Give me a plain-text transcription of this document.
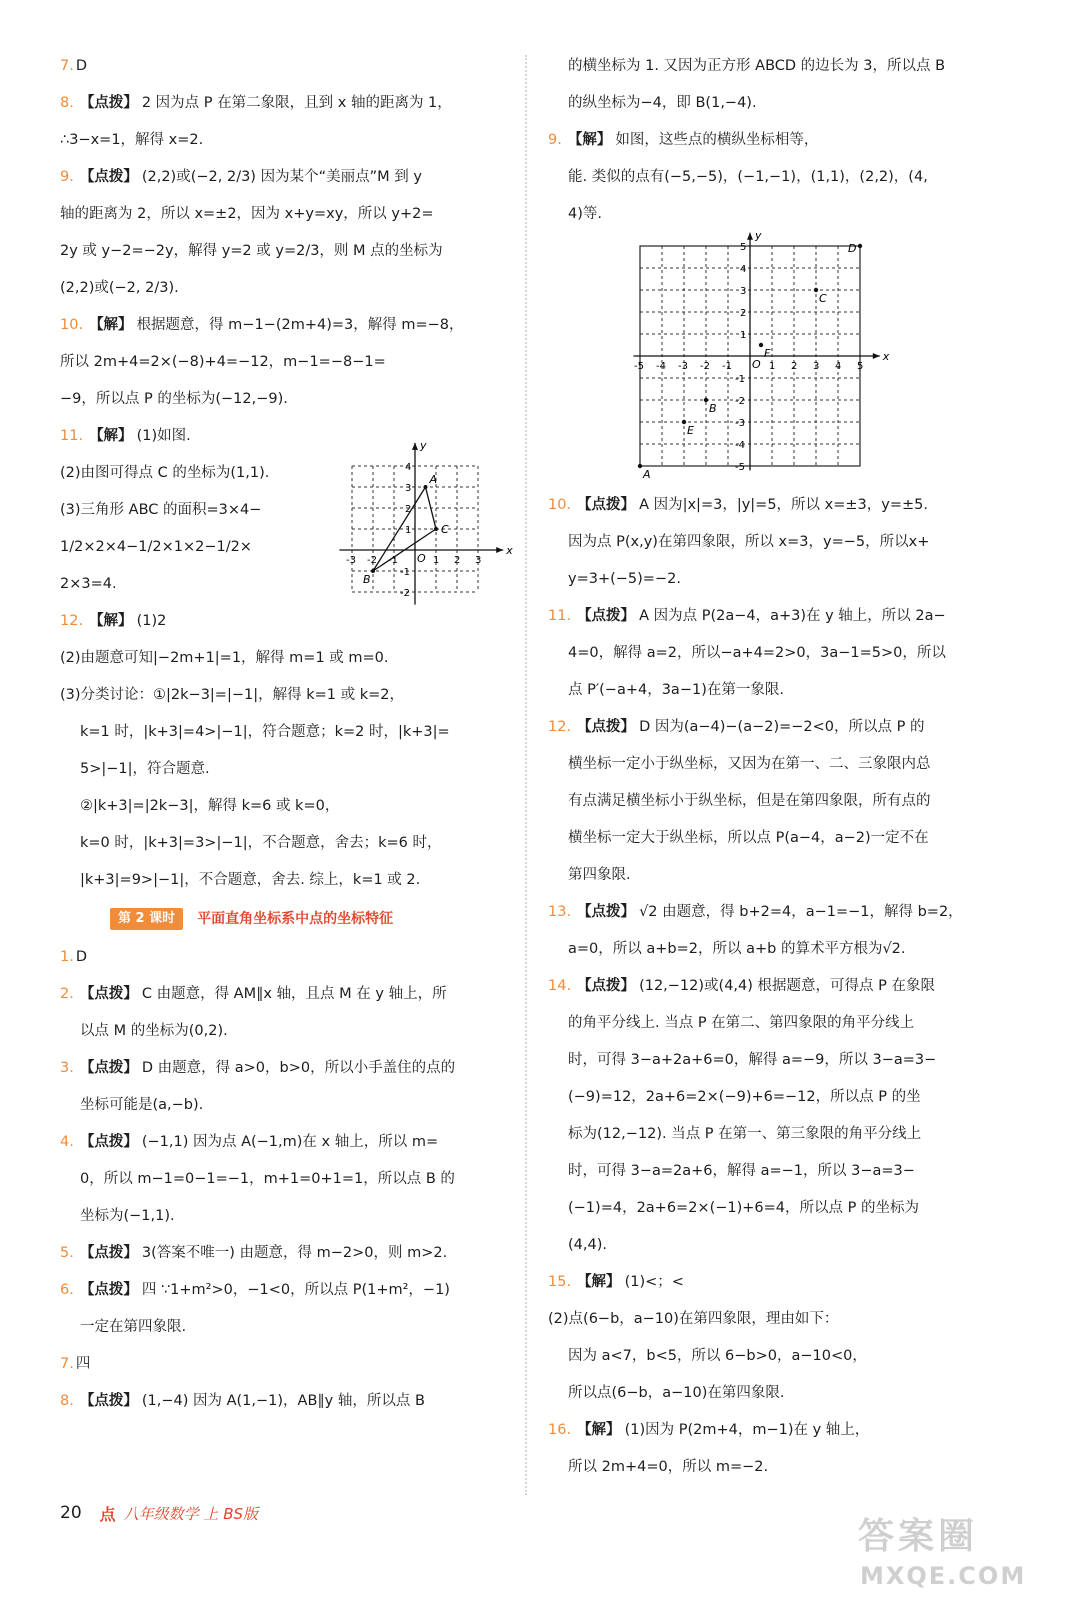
7. D
8. 【点拨】 2 因为点 P 在第二象限，且到 x 轴的距离为 1，
∴3−x=1，解得 x=2.
9. 【点拨】 (2,2)或(−2, 2/3) 因为某个“美丽点”M 到 y
轴的距离为 2，所以 x=±2，因为 x+y=xy，所以 y+2=
2y 或 y−2=−2y，解得 y=2 或 y=2/3，则 M 点的坐标为
(2,2)或(−2, 2/3).
10. 【解】 根据题意，得 m−1−(2m+4)=3，解得 m=−8，
所以 2m+4=2×(−8)+4=−12，m−1=−8−1=
−9，所以点 P 的坐标为(−12,−9).
11. 【解】 (1)如图.
(2)由图可得点 C 的坐标为(1,1).
(3)三角形 ABC 的面积=3×4−
1/2×2×4−1/2×1×2−1/2×
2×3=4.
x
y
O
-3 -2 -1	1 2 3
4
3
2
1
-1
-2
A
B
C
12. 【解】 (1)2
(2)由题意可知|−2m+1|=1，解得 m=1 或 m=0.
(3)分类讨论：①|2k−3|=|−1|，解得 k=1 或 k=2，
k=1 时，|k+3|=4>|−1|，符合题意；k=2 时，|k+3|=
5>|−1|，符合题意.
②|k+3|=|2k−3|，解得 k=6 或 k=0，
k=0 时，|k+3|=3>|−1|，不合题意，舍去；k=6 时，
|k+3|=9>|−1|，不合题意，舍去. 综上，k=1 或 2.
第 2 课时	平面直角坐标系中点的坐标特征
1. D
2. 【点拨】 C 由题意，得 AM∥x 轴，且点 M 在 y 轴上，所
以点 M 的坐标为(0,2).
3. 【点拨】 D 由题意，得 a>0，b>0，所以小手盖住的点的
坐标可能是(a,−b).
4. 【点拨】 (−1,1) 因为点 A(−1,m)在 x 轴上，所以 m=
0，所以 m−1=0−1=−1，m+1=0+1=1，所以点 B 的
坐标为(−1,1).
5. 【点拨】 3(答案不唯一) 由题意，得 m−2>0，则 m>2.
6. 【点拨】 四 ∵1+m²>0，−1<0，所以点 P(1+m²，−1)
一定在第四象限.
7. 四
8. 【点拨】 (1,−4) 因为 A(1,−1)，AB∥y 轴，所以点 B
的横坐标为 1. 又因为正方形 ABCD 的边长为 3，所以点 B
的纵坐标为−4，即 B(1,−4).
9. 【解】 如图，这些点的横纵坐标相等，
能. 类似的点有(−5,−5)，(−1,−1)，(1,1)，(2,2)，(4,
4)等.
x
y
O
-5 -4 -3 -2 -1	1 2 3 4 5
5
4
3
2
1
-1
-2
-3
-4
-5
A
E
B
F
C
D
10. 【点拨】 A 因为|x|=3，|y|=5，所以 x=±3，y=±5.
因为点 P(x,y)在第四象限，所以 x=3，y=−5，所以x+
y=3+(−5)=−2.
11. 【点拨】 A 因为点 P(2a−4，a+3)在 y 轴上，所以 2a−
4=0，解得 a=2，所以−a+4=2>0，3a−1=5>0，所以
点 P′(−a+4，3a−1)在第一象限.
12. 【点拨】 D 因为(a−4)−(a−2)=−2<0，所以点 P 的
横坐标一定小于纵坐标，又因为在第一、二、三象限内总
有点满足横坐标小于纵坐标，但是在第四象限，所有点的
横坐标一定大于纵坐标，所以点 P(a−4，a−2)一定不在
第四象限.
13. 【点拨】 √2 由题意，得 b+2=4，a−1=−1，解得 b=2，
a=0，所以 a+b=2，所以 a+b 的算术平方根为√2.
14. 【点拨】 (12,−12)或(4,4) 根据题意，可得点 P 在象限
的角平分线上. 当点 P 在第二、第四象限的角平分线上
时，可得 3−a+2a+6=0，解得 a=−9，所以 3−a=3−
(−9)=12，2a+6=2×(−9)+6=−12，所以点 P 的坐
标为(12,−12). 当点 P 在第一、第三象限的角平分线上
时，可得 3−a=2a+6，解得 a=−1，所以 3−a=3−
(−1)=4，2a+6=2×(−1)+6=4，所以点 P 的坐标为
(4,4).
15. 【解】 (1)<；<
(2)点(6−b，a−10)在第四象限，理由如下：
因为 a<7，b<5，所以 6−b>0，a−10<0，
所以点(6−b，a−10)在第四象限.
16. 【解】 (1)因为 P(2m+4，m−1)在 y 轴上，
所以 2m+4=0，所以 m=−2.
20 点 八年级数学 上 BS版
答案圈
MXQE.COM
